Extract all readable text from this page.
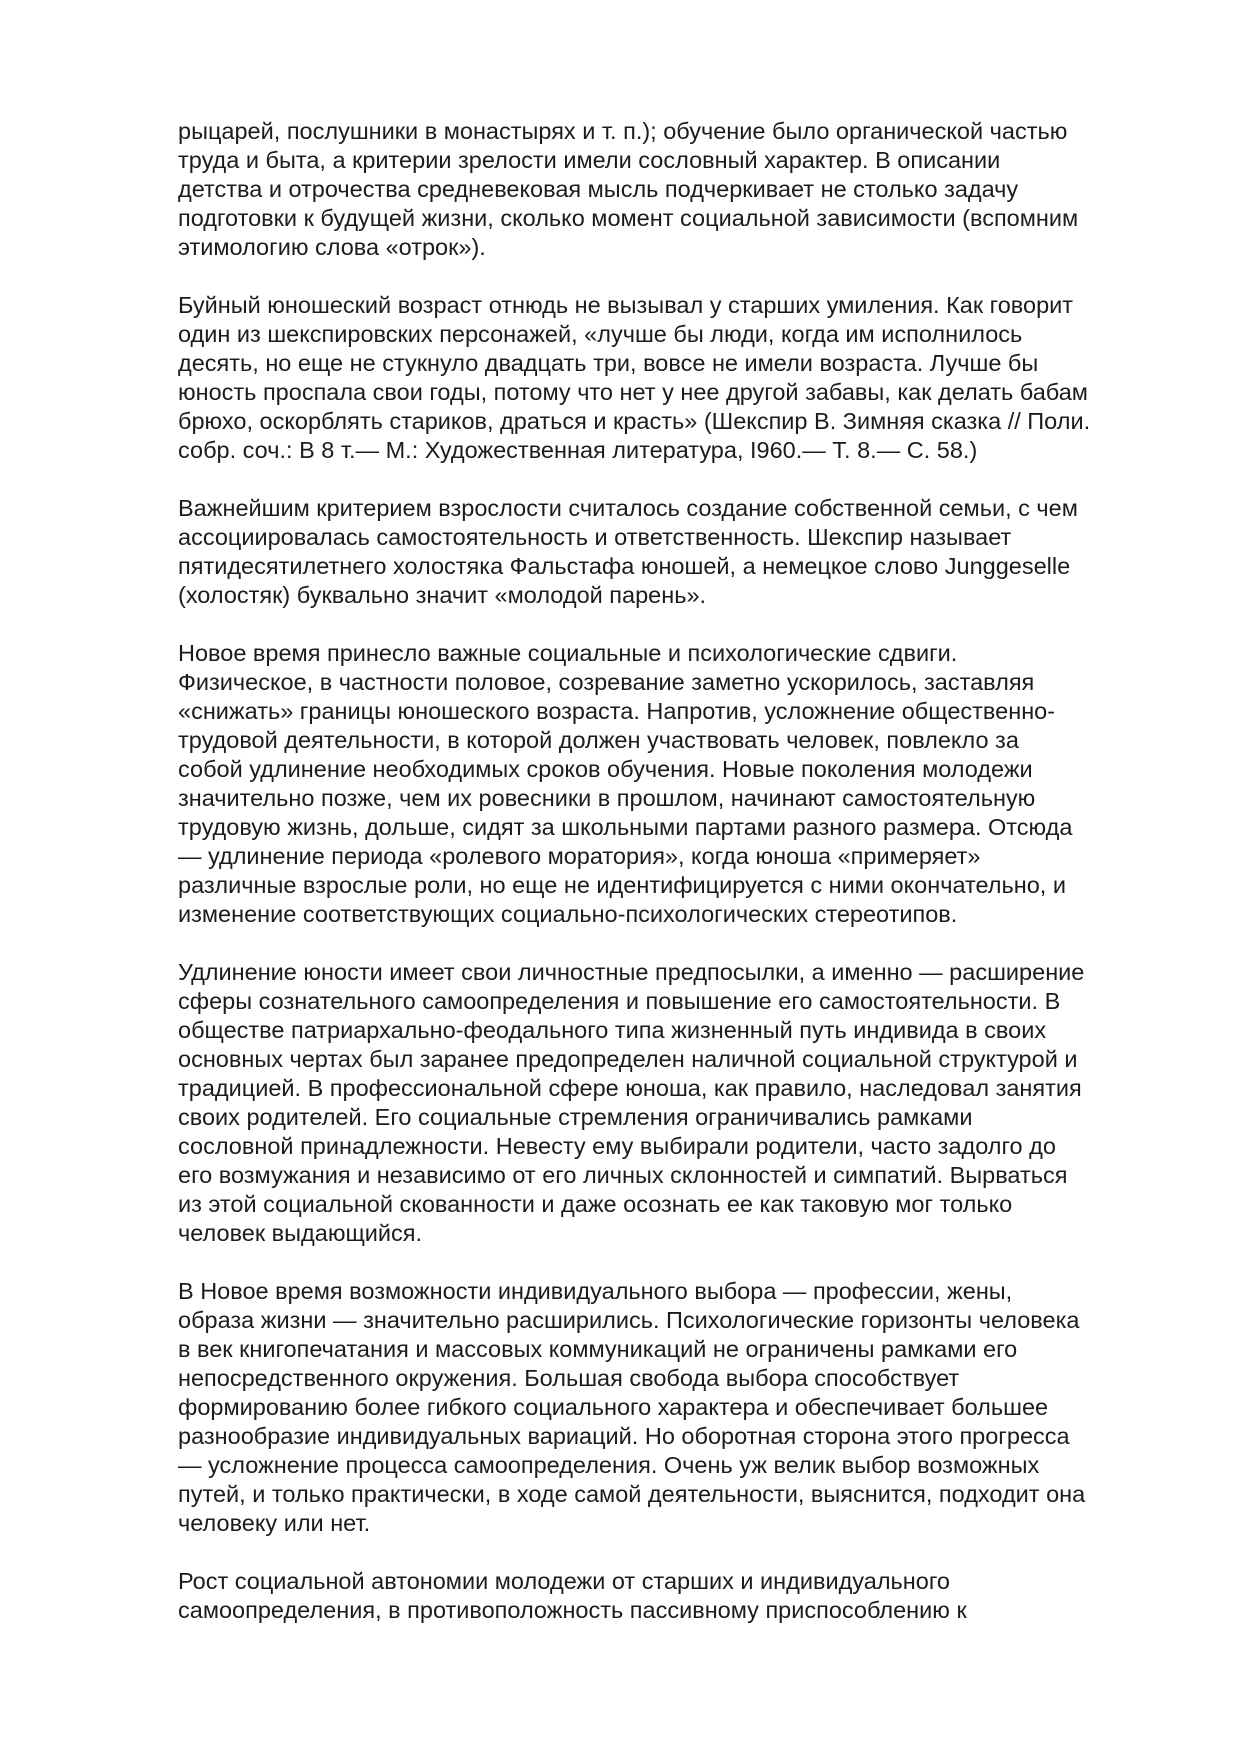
рыцарей, послушники в монастырях и т. п.); обучение было органической частью
труда и быта, а критерии зрелости имели сословный характер. В описании
детства и отрочества средневековая мысль подчеркивает не столько задачу
подготовки к будущей жизни, сколько момент социальной зависимости (вспомним
этимологию слова «отрок»).
Буйный юношеский возраст отнюдь не вызывал у старших умиления. Как говорит
один из шекспировских персонажей, «лучше бы люди, когда им исполнилось
десять, но еще не стукнуло двадцать три, вовсе не имели возраста. Лучше бы
юность проспала свои годы, потому что нет у нее другой забавы, как делать бабам
брюхо, оскорблять стариков, драться и красть» (Шекспир В. Зимняя сказка // Поли.
собр. соч.: В 8 т.— М.: Художественная литература, I960.— Т. 8.— С. 58.)
Важнейшим критерием взрослости считалось создание собственной семьи, с чем
ассоциировалась самостоятельность и ответственность. Шекспир называет
пятидесятилетнего холостяка Фальстафа юношей, а немецкое слово Junggeselle
(холостяк) буквально значит «молодой парень».
Новое время принесло важные социальные и психологические сдвиги.
Физическое, в частности половое, созревание заметно ускорилось, заставляя
«снижать» границы юношеского возраста. Напротив, усложнение общественно-
трудовой деятельности, в которой должен участвовать человек, повлекло за
собой удлинение необходимых сроков обучения. Новые поколения молодежи
значительно позже, чем их ровесники в прошлом, начинают самостоятельную
трудовую жизнь, дольше, сидят за школьными партами разного размера. Отсюда
— удлинение периода «ролевого моратория», когда юноша «примеряет»
различные взрослые роли, но еще не идентифицируется с ними окончательно, и
изменение соответствующих социально-психологических стереотипов.
Удлинение юности имеет свои личностные предпосылки, а именно — расширение
сферы сознательного самоопределения и повышение его самостоятельности. В
обществе патриархально-феодального типа жизненный путь индивида в своих
основных чертах был заранее предопределен наличной социальной структурой и
традицией. В профессиональной сфере юноша, как правило, наследовал занятия
своих родителей. Его социальные стремления ограничивались рамками
сословной принадлежности. Невесту ему выбирали родители, часто задолго до
его возмужания и независимо от его личных склонностей и симпатий. Вырваться
из этой социальной скованности и даже осознать ее как таковую мог только
человек выдающийся.
В Новое время возможности индивидуального выбора — профессии, жены,
образа жизни — значительно расширились. Психологические горизонты человека
в век книгопечатания и массовых коммуникаций не ограничены рамками его
непосредственного окружения. Большая свобода выбора способствует
формированию более гибкого социального характера и обеспечивает большее
разнообразие индивидуальных вариаций. Но оборотная сторона этого прогресса
— усложнение процесса самоопределения. Очень уж велик выбор возможных
путей, и только практически, в ходе самой деятельности, выяснится, подходит она
человеку или нет.
Рост социальной автономии молодежи от старших и индивидуального
самоопределения, в противоположность пассивному приспособлению к
